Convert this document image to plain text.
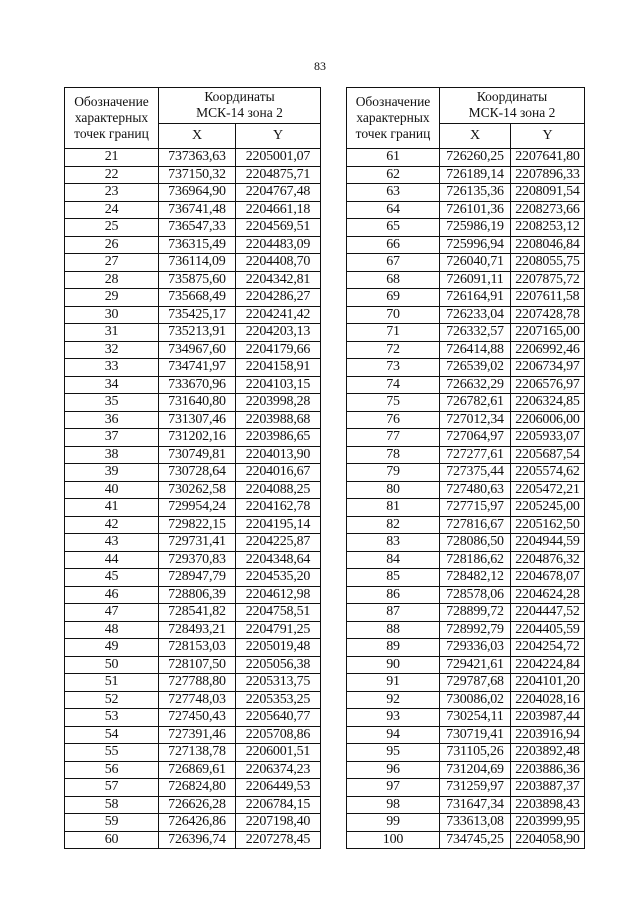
83
Обозначение
характерных
точек границ	Координаты
МСК-14 зона 2	
	X	Y
21	737363,63	2205001,07
22	737150,32	2204875,71
23	736964,90	2204767,48
24	736741,48	2204661,18
25	736547,33	2204569,51
26	736315,49	2204483,09
27	736114,09	2204408,70
28	735875,60	2204342,81
29	735668,49	2204286,27
30	735425,17	2204241,42
31	735213,91	2204203,13
32	734967,60	2204179,66
33	734741,97	2204158,91
34	733670,96	2204103,15
35	731640,80	2203998,28
36	731307,46	2203988,68
37	731202,16	2203986,65
38	730749,81	2204013,90
39	730728,64	2204016,67
40	730262,58	2204088,25
41	729954,24	2204162,78
42	729822,15	2204195,14
43	729731,41	2204225,87
44	729370,83	2204348,64
45	728947,79	2204535,20
46	728806,39	2204612,98
47	728541,82	2204758,51
48	728493,21	2204791,25
49	728153,03	2205019,48
50	728107,50	2205056,38
51	727788,80	2205313,75
52	727748,03	2205353,25
53	727450,43	2205640,77
54	727391,46	2205708,86
55	727138,78	2206001,51
56	726869,61	2206374,23
57	726824,80	2206449,53
58	726626,28	2206784,15
59	726426,86	2207198,40
60	726396,74	2207278,45
Обозначение
характерных
точек границ	Координаты
МСК-14 зона 2	
	X	Y
61	726260,25	2207641,80
62	726189,14	2207896,33
63	726135,36	2208091,54
64	726101,36	2208273,66
65	725986,19	2208253,12
66	725996,94	2208046,84
67	726040,71	2208055,75
68	726091,11	2207875,72
69	726164,91	2207611,58
70	726233,04	2207428,78
71	726332,57	2207165,00
72	726414,88	2206992,46
73	726539,02	2206734,97
74	726632,29	2206576,97
75	726782,61	2206324,85
76	727012,34	2206006,00
77	727064,97	2205933,07
78	727277,61	2205687,54
79	727375,44	2205574,62
80	727480,63	2205472,21
81	727715,97	2205245,00
82	727816,67	2205162,50
83	728086,50	2204944,59
84	728186,62	2204876,32
85	728482,12	2204678,07
86	728578,06	2204624,28
87	728899,72	2204447,52
88	728992,79	2204405,59
89	729336,03	2204254,72
90	729421,61	2204224,84
91	729787,68	2204101,20
92	730086,02	2204028,16
93	730254,11	2203987,44
94	730719,41	2203916,94
95	731105,26	2203892,48
96	731204,69	2203886,36
97	731259,97	2203887,37
98	731647,34	2203898,43
99	733613,08	2203999,95
100	734745,25	2204058,90
